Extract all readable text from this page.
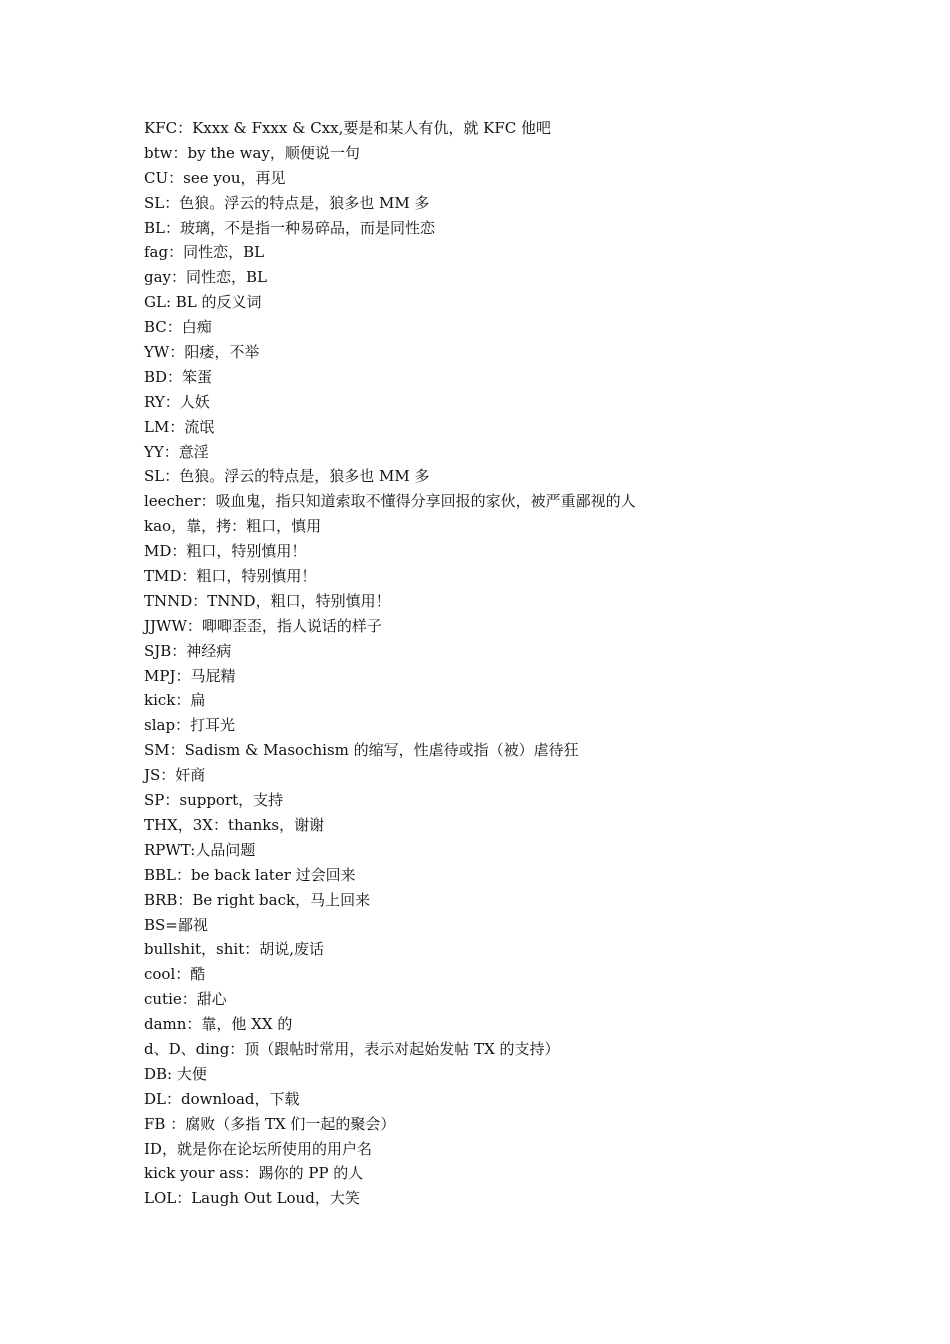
KFC：Kxxx & Fxxx & Cxx,要是和某人有仇，就 KFC 他吧
btw：by the way，顺便说一句
CU：see you，再见
SL：色狼。浮云的特点是，狼多也 MM 多
BL：玻璃，不是指一种易碎品，而是同性恋
fag：同性恋，BL
gay：同性恋，BL
GL: BL 的反义词
BC：白痴
YW：阳痿，不举
BD：笨蛋
RY：人妖
LM：流氓
YY：意淫
SL：色狼。浮云的特点是，狼多也 MM 多
leecher：吸血鬼，指只知道索取不懂得分享回报的家伙，被严重鄙视的人
kao，靠，拷：粗口，慎用
MD：粗口，特别慎用！
TMD：粗口，特别慎用！
TNND：TNND，粗口，特别慎用！
JJWW：唧唧歪歪，指人说话的样子
SJB：神经病
MPJ：马屁精
kick：扁
slap：打耳光
SM：Sadism & Masochism 的缩写，性虐待或指（被）虐待狂
JS：奸商
SP：support，支持
THX，3X：thanks，谢谢
RPWT:人品问题
BBL：be back later 过会回来
BRB：Be right back，马上回来
BS=鄙视
bullshit，shit：胡说,废话
cool：酷
cutie：甜心
damn：靠，他 XX 的
d、D、ding：顶（跟帖时常用，表示对起始发帖 TX 的支持）
DB: 大便
DL：download，下载
FB ：腐败（多指 TX 们一起的聚会）
ID，就是你在论坛所使用的用户名
kick your ass：踢你的 PP 的人
LOL：Laugh Out Loud，大笑
